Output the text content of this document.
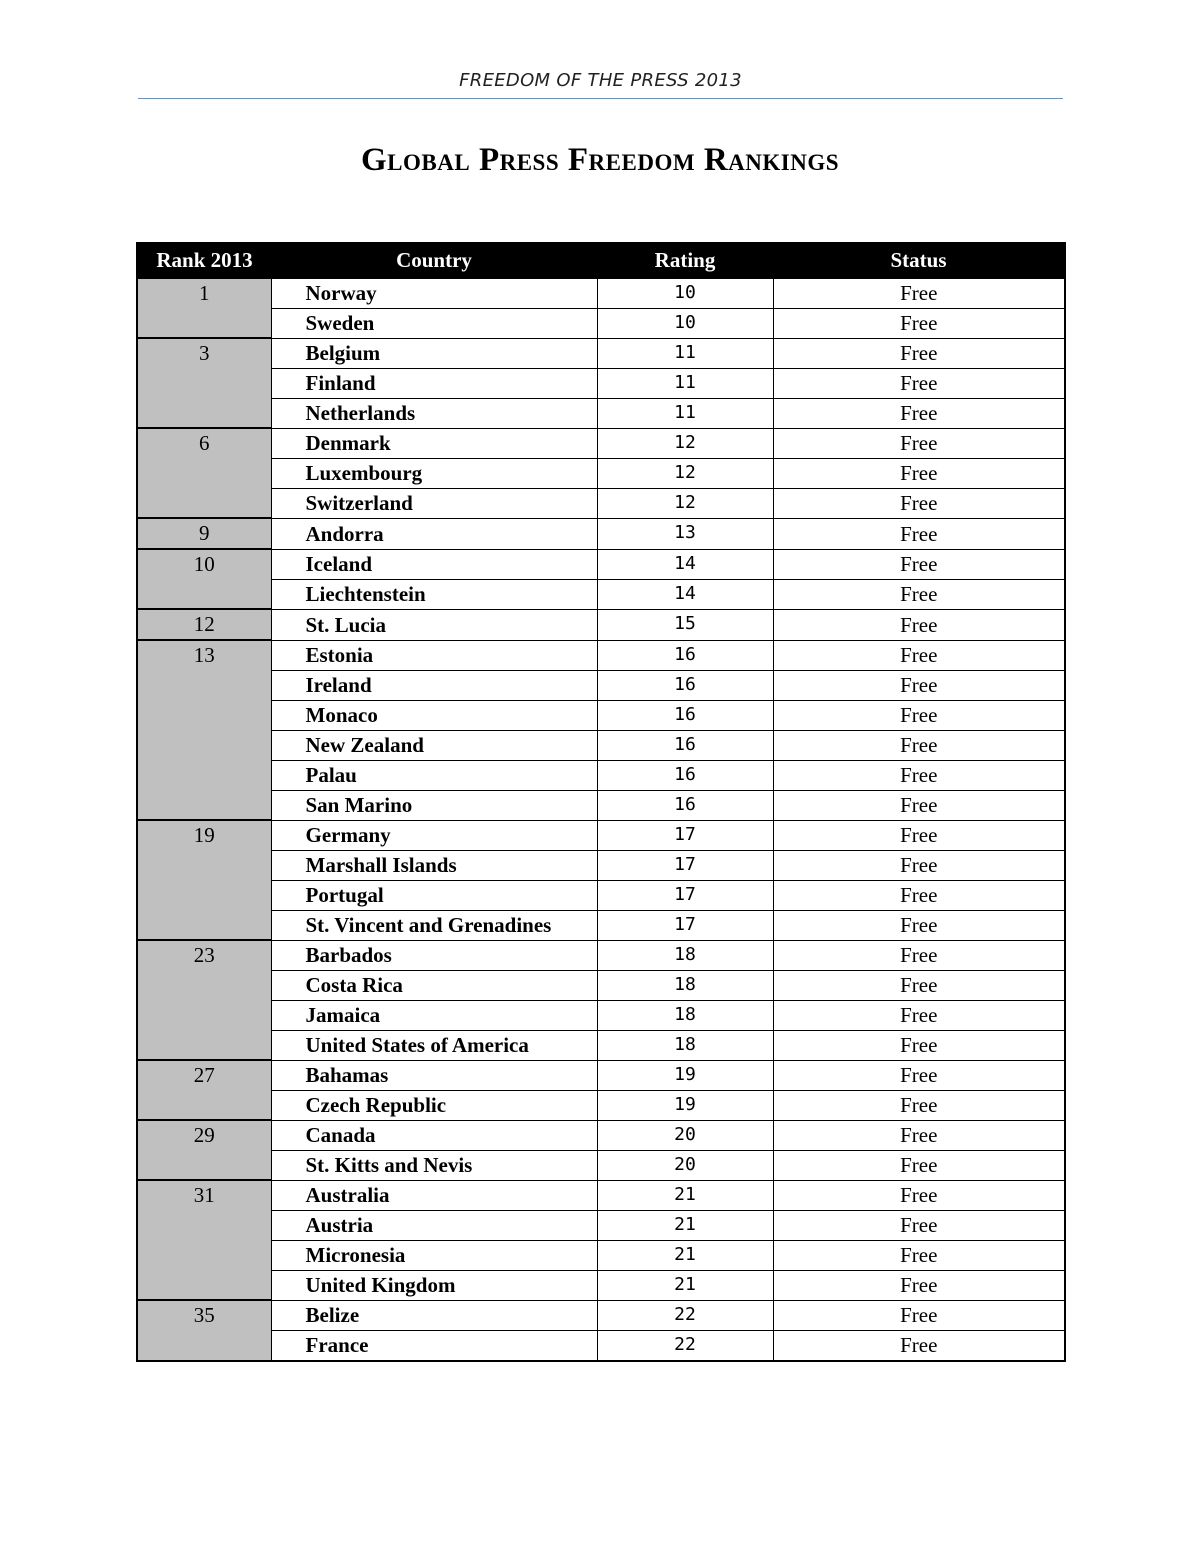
FREEDOM OF THE PRESS 2013
Global Press Freedom Rankings
Rank 2013	Country	Rating	Status
1	Norway	10	Free
	Sweden	10	Free
3	Belgium	11	Free
	Finland	11	Free
	Netherlands	11	Free
6	Denmark	12	Free
	Luxembourg	12	Free
	Switzerland	12	Free
9	Andorra	13	Free
10	Iceland	14	Free
	Liechtenstein	14	Free
12	St. Lucia	15	Free
13	Estonia	16	Free
	Ireland	16	Free
	Monaco	16	Free
	New Zealand	16	Free
	Palau	16	Free
	San Marino	16	Free
19	Germany	17	Free
	Marshall Islands	17	Free
	Portugal	17	Free
	St. Vincent and Grenadines	17	Free
23	Barbados	18	Free
	Costa Rica	18	Free
	Jamaica	18	Free
	United States of America	18	Free
27	Bahamas	19	Free
	Czech Republic	19	Free
29	Canada	20	Free
	St. Kitts and Nevis	20	Free
31	Australia	21	Free
	Austria	21	Free
	Micronesia	21	Free
	United Kingdom	21	Free
35	Belize	22	Free
	France	22	Free
